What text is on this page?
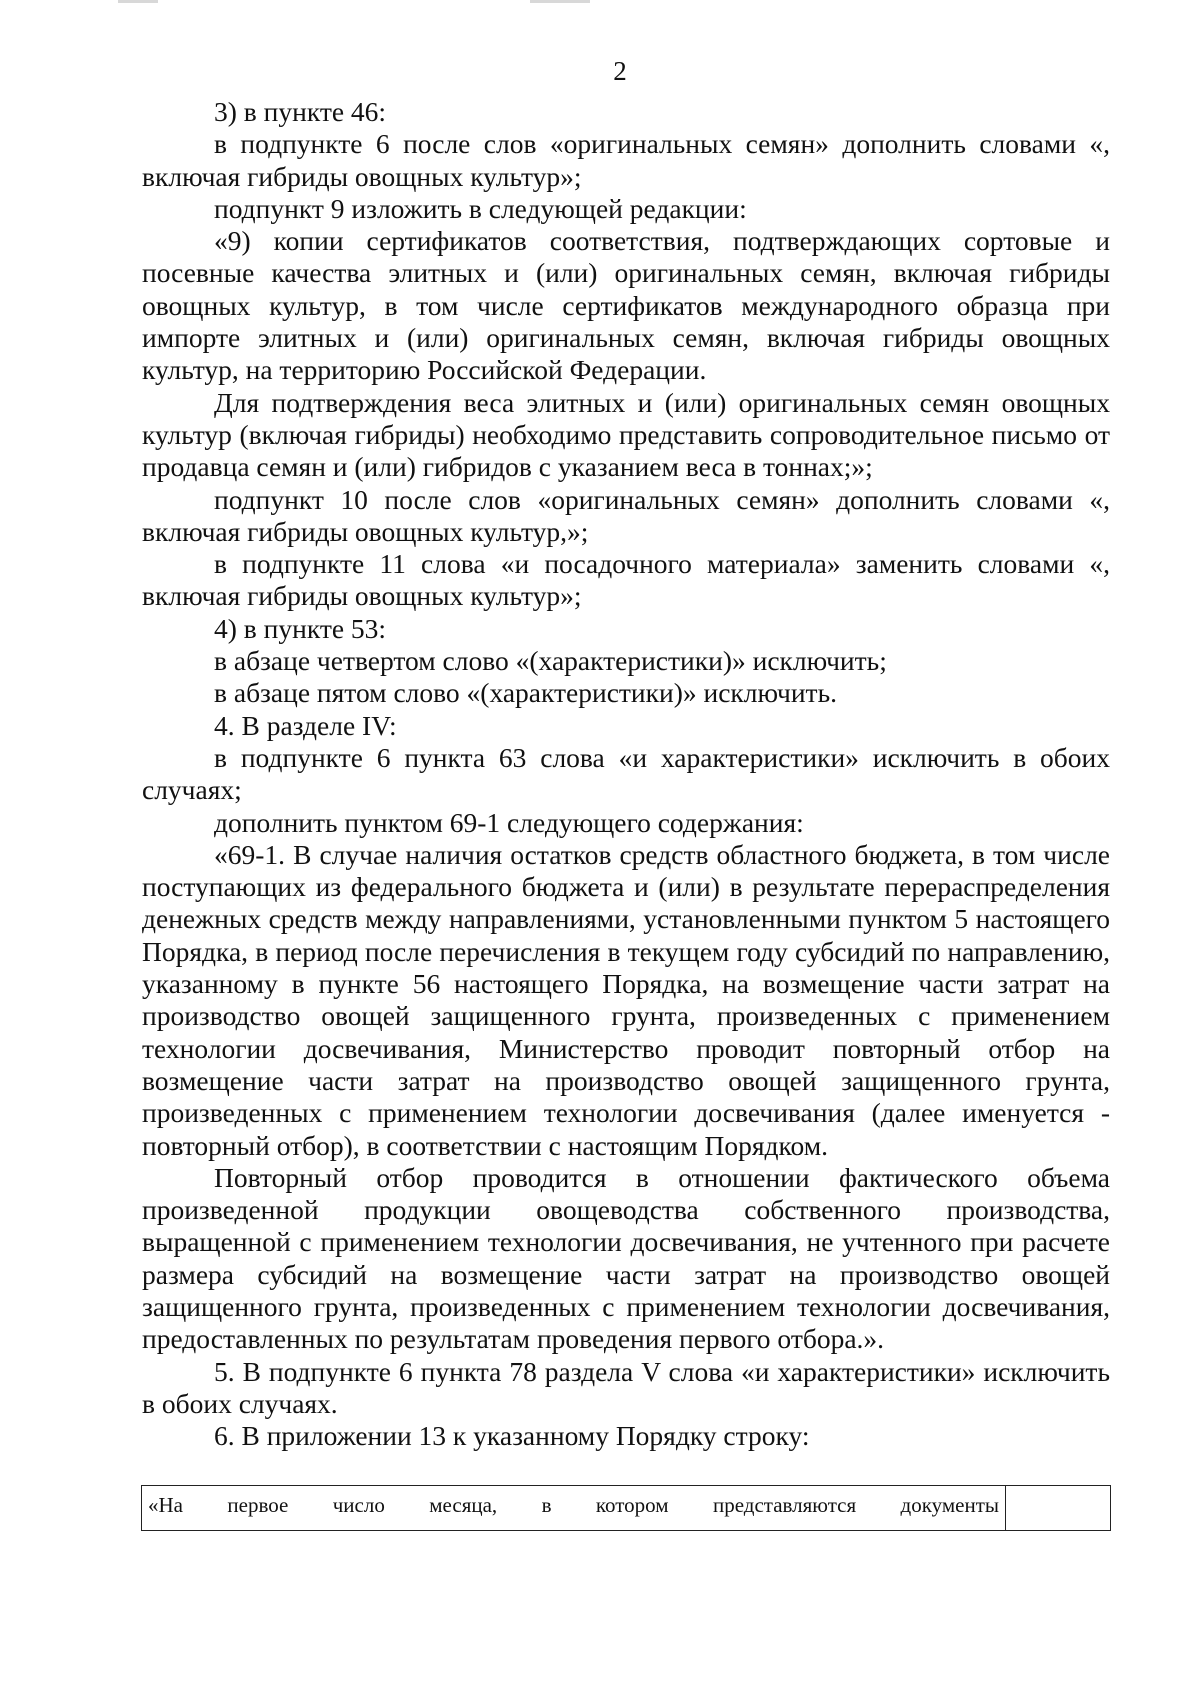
2

3) в пункте 46:

в подпункте 6 после слов «оригинальных семян» дополнить словами «, включая гибриды овощных культур»;

подпункт 9 изложить в следующей редакции:

«9) копии сертификатов соответствия, подтверждающих сортовые и посевные качества элитных и (или) оригинальных семян, включая гибриды овощных культур, в том числе сертификатов международного образца при импорте элитных и (или) оригинальных семян, включая гибриды овощных культур, на территорию Российской Федерации.

Для подтверждения веса элитных и (или) оригинальных семян овощных культур (включая гибриды) необходимо представить сопроводительное письмо от продавца семян и (или) гибридов с указанием веса в тоннах;»;

подпункт 10 после слов «оригинальных семян» дополнить словами «, включая гибриды овощных культур,»;

в подпункте 11 слова «и посадочного материала» заменить словами «, включая гибриды овощных культур»;

4) в пункте 53:

в абзаце четвертом слово «(характеристики)» исключить;

в абзаце пятом слово «(характеристики)» исключить.

4. В разделе IV:

в подпункте 6 пункта 63 слова «и характеристики» исключить в обоих случаях;

дополнить пунктом 69-1 следующего содержания:

«69-1. В случае наличия остатков средств областного бюджета, в том числе поступающих из федерального бюджета и (или) в результате перераспределения денежных средств между направлениями, установленными пунктом 5 настоящего Порядка, в период после перечисления в текущем году субсидий по направлению, указанному в пункте 56 настоящего Порядка, на возмещение части затрат на производство овощей защищенного грунта, произведенных с применением технологии досвечивания, Министерство проводит повторный отбор на возмещение части затрат на производство овощей защищенного грунта, произведенных с применением технологии досвечивания (далее именуется - повторный отбор), в соответствии с настоящим Порядком.

Повторный отбор проводится в отношении фактического объема произведенной продукции овощеводства собственного производства, выращенной с применением технологии досвечивания, не учтенного при расчете размера субсидий на возмещение части затрат на производство овощей защищенного грунта, произведенных с применением технологии досвечивания, предоставленных по результатам проведения первого отбора.».

5. В подпункте 6 пункта 78 раздела V слова «и характеристики» исключить в обоих случаях.

6. В приложении 13 к указанному Порядку строку:

«На первое число месяца, в котором представляются документы
